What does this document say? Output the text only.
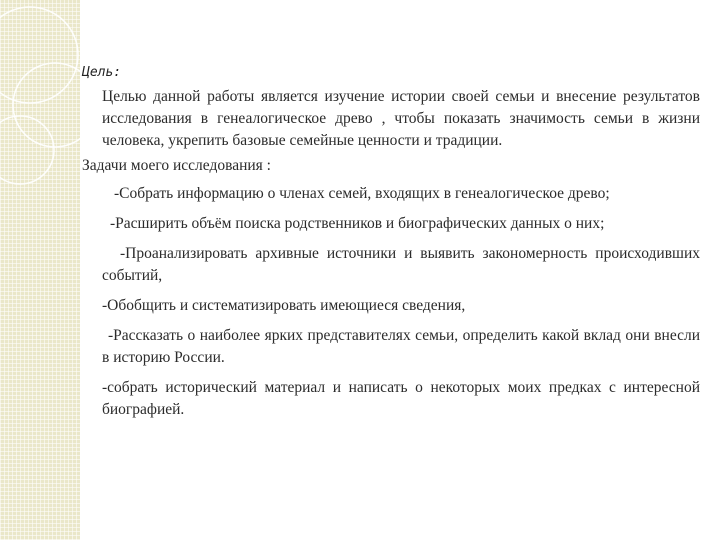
Цель:
Целью данной работы является изучение истории своей семьи и внесение результатов исследования в генеалогическое древо , чтобы показать значимость семьи в жизни человека, укрепить базовые семейные ценности и традиции.
Задачи моего исследования :
-Собрать информацию о членах семей, входящих в генеалогическое древо;
-Расширить объём поиска родственников и биографических данных о них;
-Проанализировать архивные источники и выявить закономерность происходивших событий,
-Обобщить и систематизировать имеющиеся сведения,
-Рассказать о наиболее ярких представителях семьи, определить какой вклад они внесли в историю России.
-собрать исторический материал и написать о некоторых моих предках с интересной биографией.
